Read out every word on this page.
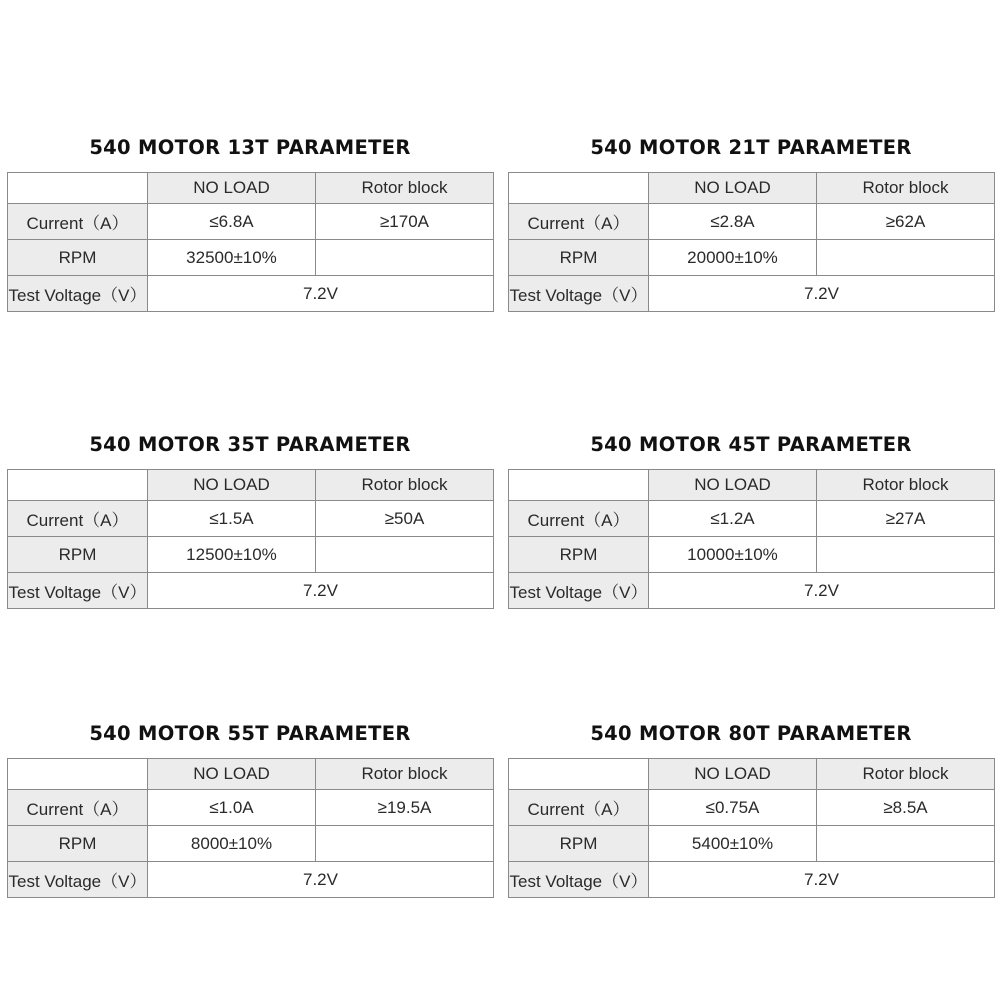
540 MOTOR 13T PARAMETER
	NO LOAD	Rotor block
Current（A）	≤6.8A	≥170A
RPM	32500±10%	
Test Voltage（V）	7.2V	
540 MOTOR 21T PARAMETER
	NO LOAD	Rotor block
Current（A）	≤2.8A	≥62A
RPM	20000±10%	
Test Voltage（V）	7.2V	
540 MOTOR 35T PARAMETER
	NO LOAD	Rotor block
Current（A）	≤1.5A	≥50A
RPM	12500±10%	
Test Voltage（V）	7.2V	
540 MOTOR 45T PARAMETER
	NO LOAD	Rotor block
Current（A）	≤1.2A	≥27A
RPM	10000±10%	
Test Voltage（V）	7.2V	
540 MOTOR 55T PARAMETER
	NO LOAD	Rotor block
Current（A）	≤1.0A	≥19.5A
RPM	8000±10%	
Test Voltage（V）	7.2V	
540 MOTOR 80T PARAMETER
	NO LOAD	Rotor block
Current（A）	≤0.75A	≥8.5A
RPM	5400±10%	
Test Voltage（V）	7.2V	
